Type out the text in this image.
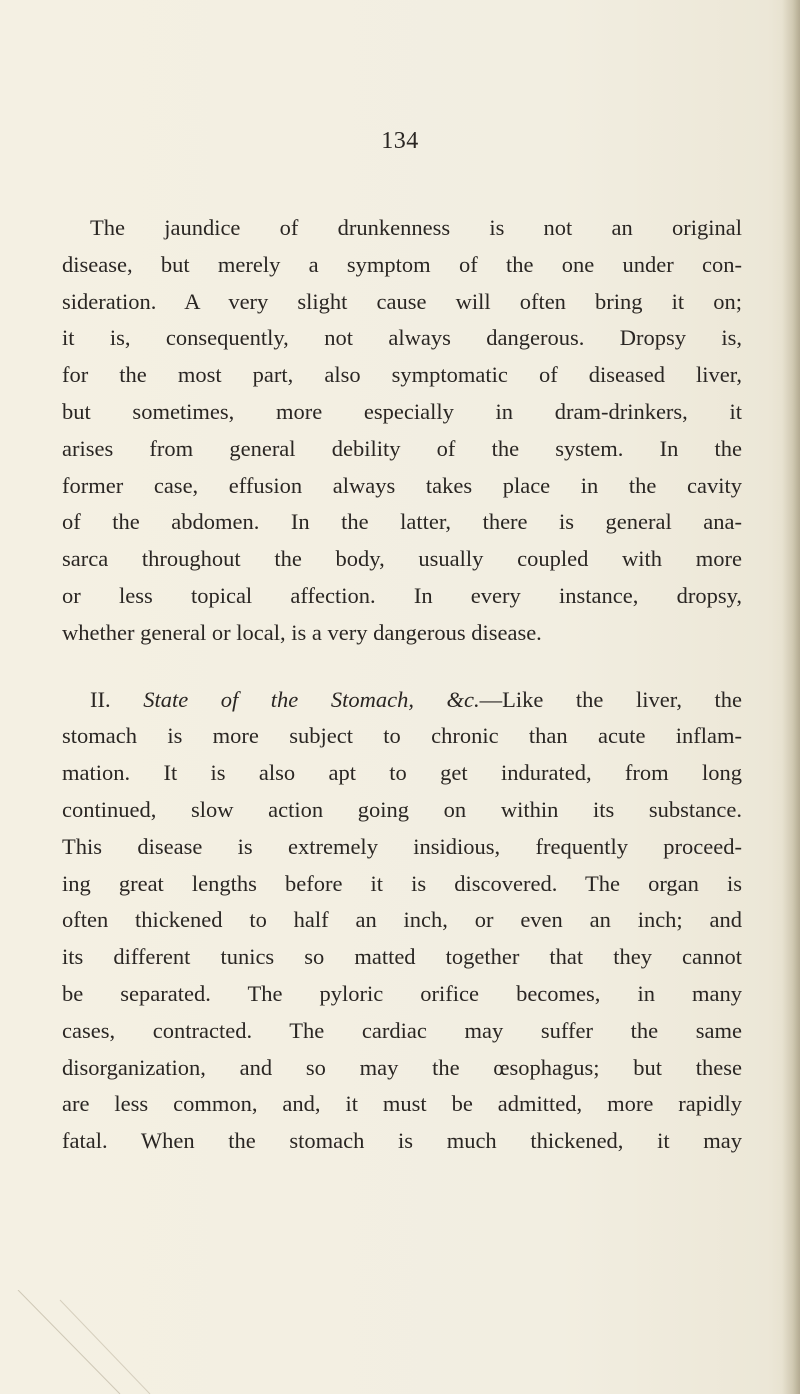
134
The jaundice of drunkenness is not an original
disease, but merely a symptom of the one under con-
sideration. A very slight cause will often bring it on;
it is, consequently, not always dangerous. Dropsy is,
for the most part, also symptomatic of diseased liver,
but sometimes, more especially in dram-drinkers, it
arises from general debility of the system. In the
former case, effusion always takes place in the cavity
of the abdomen. In the latter, there is general ana-
sarca throughout the body, usually coupled with more
or less topical affection. In every instance, dropsy,
whether general or local, is a very dangerous disease.
II. State of the Stomach, &c.—Like the liver, the
stomach is more subject to chronic than acute inflam-
mation. It is also apt to get indurated, from long
continued, slow action going on within its substance.
This disease is extremely insidious, frequently proceed-
ing great lengths before it is discovered. The organ is
often thickened to half an inch, or even an inch; and
its different tunics so matted together that they cannot
be separated. The pyloric orifice becomes, in many
cases, contracted. The cardiac may suffer the same
disorganization, and so may the œsophagus; but these
are less common, and, it must be admitted, more rapidly
fatal. When the stomach is much thickened, it may
